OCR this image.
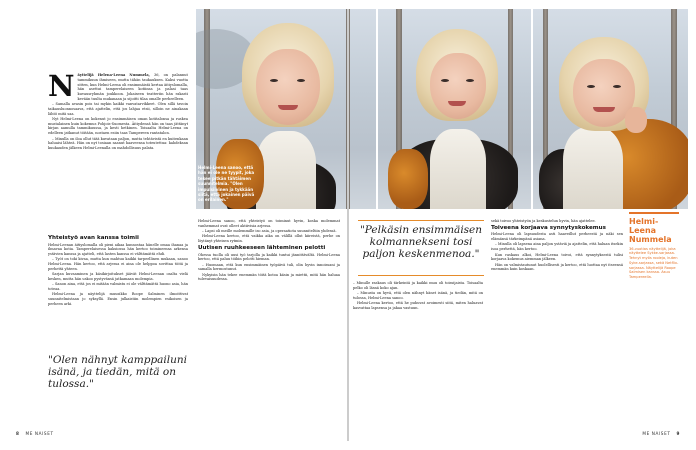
Helmi-Leena sanoo, että hän ei ole ne tyypit, joka tekee pitkän tähtäimen suunnitelmia. "Olen impulsiivinen ja tykkään siitä, että jokainen päivä on erilainen."
N äyttelijä Helena-Leena Nummela, 36, on palannut tammikuun ihmiseen, mutta tähän taukauksen. Kaksi vuotta sitten, kun Helmi-Leena oli ensimmäistä kertaa äitiyslomalla, hän asettui tamperelaiseen kotiinsa ja palasi taas kuvausryhmän joukkoon. Jokaiseen teatteriin hän rakasti kevään tuulta mukanaan ja sijoitti tilaa omalle perheelleen.

– Samalla avasin pois tai mykin kaikki vanvatarvikkeet. Olen sillä tavoin taikausluonnosaava, että ajattelin, että jos lahjaa etsii, silloin ne ainakaan lähtö mitä saa.

Nyt Helmi-Leena on kokenut jo ensimmäisen oman kotitalonsa ja ruskea mustalainen kuin kokemus Pohjois-Suomesta. Äitiydensä hän on taas jättänyt kirjan aamulla tammikuussa, ja kesti hetkinen. Toisaalta Helmi-Leena on edelleen jatkanut töitään, nostaen esiin taas Tampereen rantatalon.

– Minulla on iloa ollut tätä kuvataan paljon, mutta tehtävistä en kuitenkaan haluaisi lähteä. Hän on nyt tosiaan saanut haaveensa toteutettua: kahdeksan kuukauden jälkeen Helmi-Leenalla on mahdollisuus palata.

Yhteistyö avan kanssa toimii

Helmi-Leenan äitiyslomalla oli pieni aikaa kunnostaa hänelle omaa ihanaa ja ilmavaa kotia. Tamperelaisessa kaksiossa hän kertoo toimineensa arkensa ystävien kanssa ja ajatteli, että lasten kanssa ei välttämättä ehdi.

– Työt on toki kivaa, mutta kun mahtuu kaikki tarpeellinen mukaan, sanoo Helmi-Leena. Hän kertoo, että arjessa ei aina ole helppoa sovittaa töitä ja perhettä yhteen.

Sarjan kuvaaminen ja käsikirjoitukset jäävät Helmi-Leenan osalta vielä kesken, mutta hän uskoo pystyvänsä jatkamaan molempia.

– Sanon aina, että jos ei mitään valmistu ei ole välttämättä huono asia, hän toteaa.

Helmi-Leena ja näyttelijä muusikko Roope Salminen ilmoittivat suunnitelmistaan jo syksyllä. Ensin julkaistiin molempien esikoisen ja perheen arki.

"Olen nähnyt kamppailuni isänä, ja tiedän, mitä on tulossa."

Helmi-Leena sanoo, että yhteistyö on toiminut hyvin, koska molemmat vanhemmat ovat olleet aktiivisia arjessa.

– Lapsi oli meille molemmille iso asia, ja operaatiota suunniteltiin yhdessä.

Helmi-Leena kertoo, että vaikka aika on välillä ollut kiireistä, perhe on löytänyt yhteisen rytmin.

Uutisen ruuhkeeseen lähteminen pelotti

Ohessa tuolla oli uusi työ tarjolla ja kaikki tuntui jännittävältä. Helmi-Leena kertoo, että paluu töihin pelotti hieman.

– Huomaan, että kun ensimmäinen työpäivä tuli, olin hyvin innoissani ja samalla hermostunut.

Nykyisin hän tekee enemmän töitä kotoa käsin ja miettii, mitä hän haluaa tulevaisuudessa.

"Pelkäsin ensimmäisen kolmannekseni tosi paljon keskenmenoa."

– Minulle raskaus oli tärkeintä ja kaikki muu oli toissijaista. Toisaalta pelko oli läsnä koko ajan.

– Minusta on hyvä, että olen nähnyt hänet isänä, ja tiedän, mitä on tulossa, Helmi-Leena sanoo.

Helmi-Leena kertoo, että he puhuvat avoimesti siitä, miten haluavat kasvattaa lapsensa ja jakaa vastuun.

sekä toivoo yhteistyön ja keskustelun hyvin, hän ajattelee.

Toiveena korjaava synnytyskokemus

Helmi-Leena oli lapsuudesta asti haaveillut perheestä ja näki sen elämänsä tärkeimpänä asiana.

– Minulla oli lapsena aina paljon ystäviä ja ajattelin, että haluan itsekin isoa perhettä, hän kertoo.

Kun raskaus alkoi, Helmi-Leena toivoi, että synnytyksestä tulisi korjaava kokemus aiemman jälkeen.

Hän on valmistautunut huolellisesti ja kertoo, että luottaa nyt itseensä enemmän kuin koskaan.

Helmi-Leena Nummela
36-vuotias näyttelijä, joka näyttelee Sykke-sarjassa. Tehnyt myös rooleja, kuten Syke-sarjassa, sekä Netflix-sarjassa. Näyttelijä Roope Salmisen kanssa. Asuu Tampereella.
8 ME NAISET	ME NAISET 9
